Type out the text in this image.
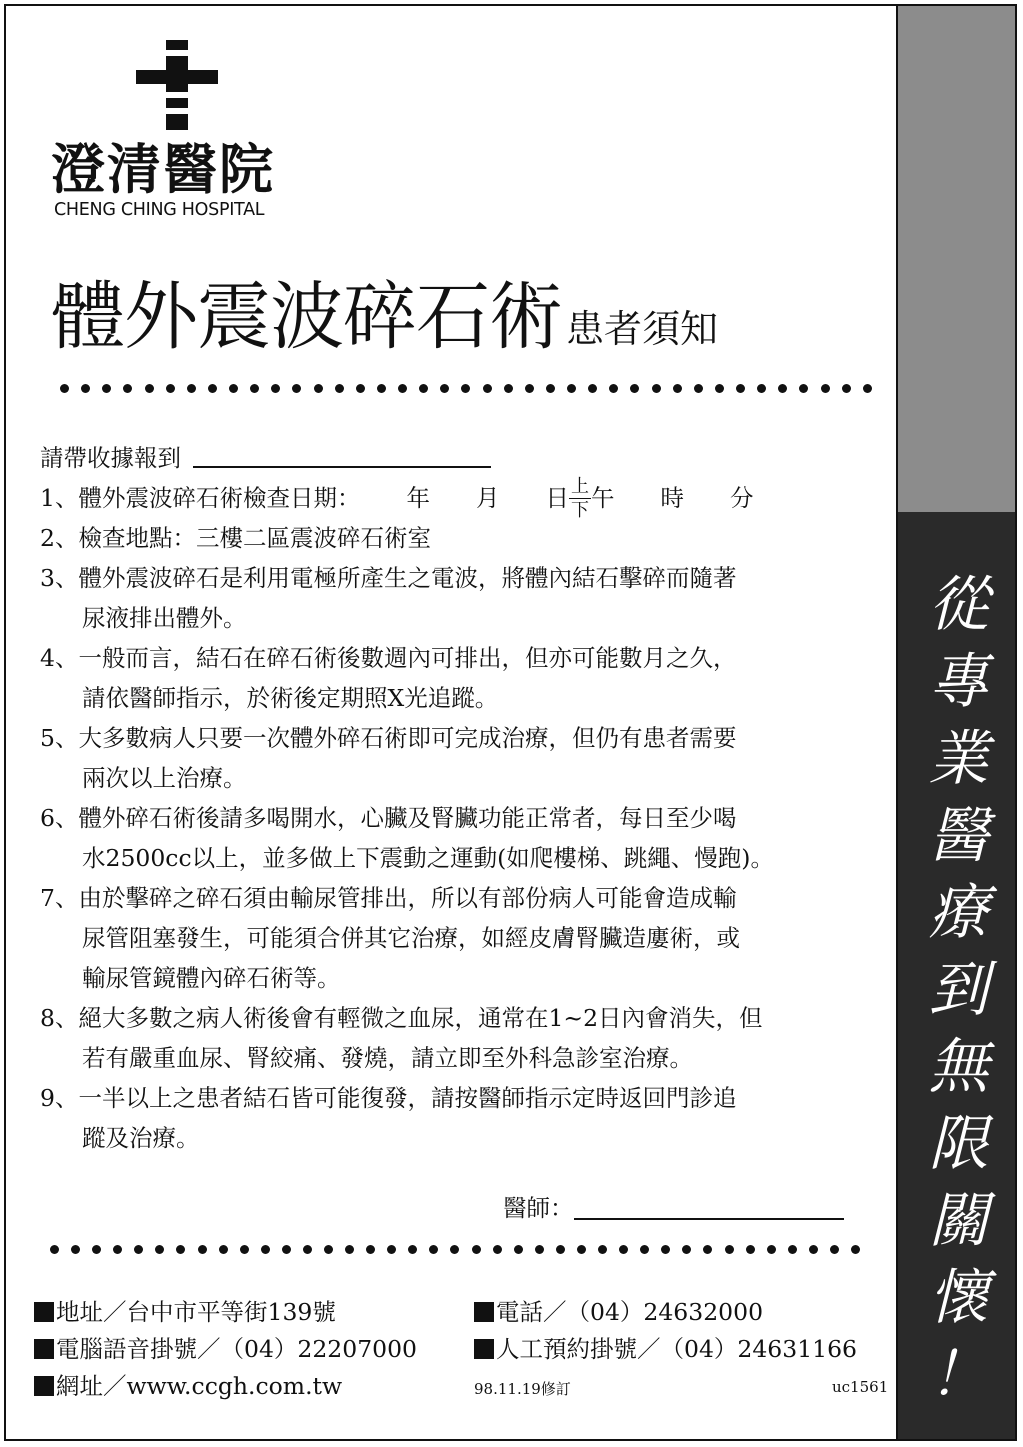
從
專
業
醫
療
到
無
限
關
懷
！
澄清醫院
CHENG CHING HOSPITAL
體外震波碎石術 患者須知
請帶收據報到
1、體外震波碎石術檢查日期： 年 月 日 上
下 午 時 分
2、檢查地點：三樓二區震波碎石術室
3、體外震波碎石是利用電極所產生之電波，將體內結石擊碎而隨著
尿液排出體外。
4、一般而言，結石在碎石術後數週內可排出，但亦可能數月之久，
請依醫師指示，於術後定期照X光追蹤。
5、大多數病人只要一次體外碎石術即可完成治療，但仍有患者需要
兩次以上治療。
6、體外碎石術後請多喝開水，心臟及腎臟功能正常者，每日至少喝
水2500cc以上，並多做上下震動之運動(如爬樓梯、跳繩、慢跑)。
7、由於擊碎之碎石須由輸尿管排出，所以有部份病人可能會造成輸
尿管阻塞發生，可能須合併其它治療，如經皮膚腎臟造廔術，或
輸尿管鏡體內碎石術等。
8、絕大多數之病人術後會有輕微之血尿，通常在1~2日內會消失，但
若有嚴重血尿、腎絞痛、發燒，請立即至外科急診室治療。
9、一半以上之患者結石皆可能復發，請按醫師指示定時返回門診追
蹤及治療。
醫師：
地址／台中市平等街139號
電腦語音掛號／（04）22207000
網址／www.ccgh.com.tw
電話／（04）24632000
人工預約掛號／（04）24631166
98.11.19修訂	uc1561
